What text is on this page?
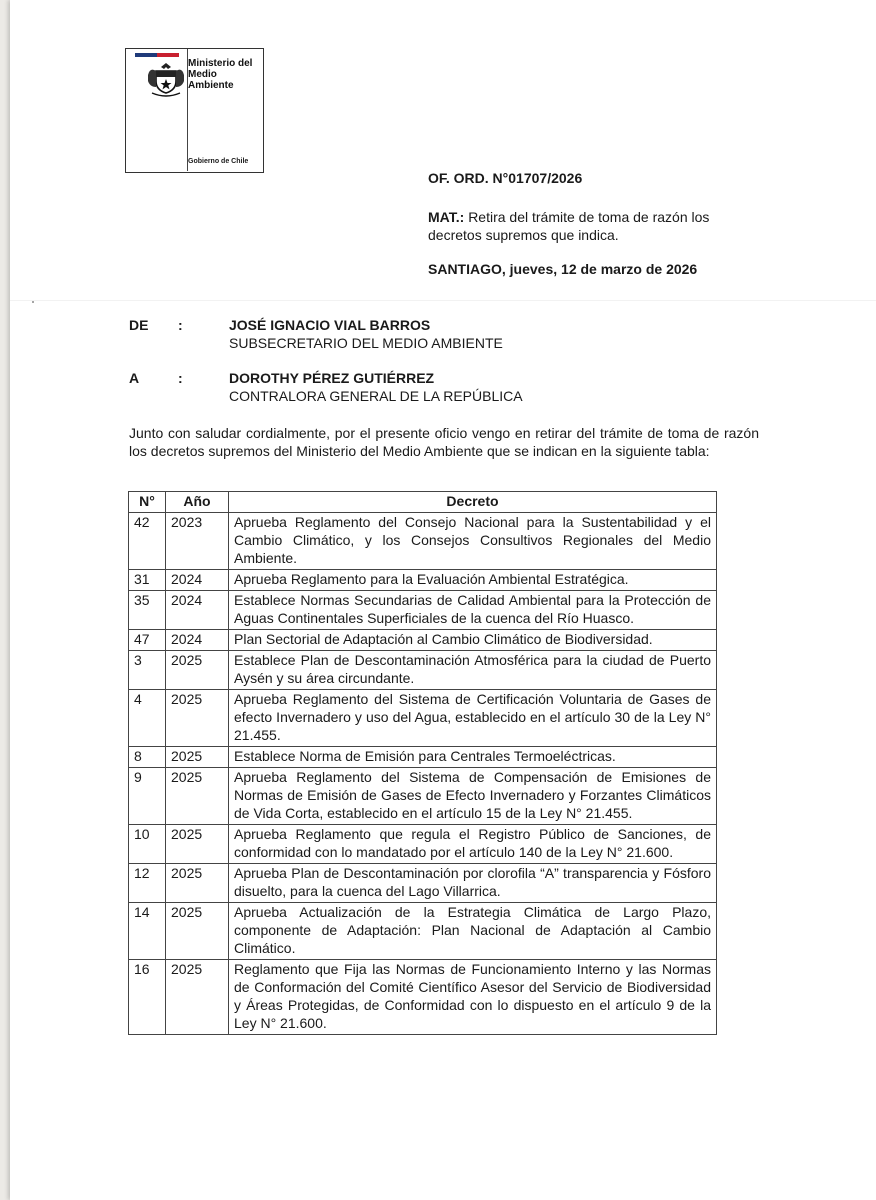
Ministerio del
Medio
Ambiente
Gobierno de Chile
OF. ORD. N°01707/2026
MAT.: Retira del trámite de toma de razón los decretos supremos que indica.
SANTIAGO, jueves, 12 de marzo de 2026
DE :	JOSÉ IGNACIO VIAL BARROS
SUBSECRETARIO DEL MEDIO AMBIENTE
A	:	DOROTHY PÉREZ GUTIÉRREZ
CONTRALORA GENERAL DE LA REPÚBLICA
Junto con saludar cordialmente, por el presente oficio vengo en retirar del trámite de toma de razón los decretos supremos del Ministerio del Medio Ambiente que se indican en la siguiente tabla:
N°	Año	Decreto
42	2023	Aprueba Reglamento del Consejo Nacional para la Sustentabilidad y el Cambio Climático, y los Consejos Consultivos Regionales del Medio Ambiente.
31	2024	Aprueba Reglamento para la Evaluación Ambiental Estratégica.
35	2024	Establece Normas Secundarias de Calidad Ambiental para la Protección de Aguas Continentales Superficiales de la cuenca del Río Huasco.
47	2024	Plan Sectorial de Adaptación al Cambio Climático de Biodiversidad.
3	2025	Establece Plan de Descontaminación Atmosférica para la ciudad de Puerto Aysén y su área circundante.
4	2025	Aprueba Reglamento del Sistema de Certificación Voluntaria de Gases de efecto Invernadero y uso del Agua, establecido en el artículo 30 de la Ley N° 21.455.
8	2025	Establece Norma de Emisión para Centrales Termoeléctricas.
9	2025	Aprueba Reglamento del Sistema de Compensación de Emisiones de Normas de Emisión de Gases de Efecto Invernadero y Forzantes Climáticos de Vida Corta, establecido en el artículo 15 de la Ley N° 21.455.
10	2025	Aprueba Reglamento que regula el Registro Público de Sanciones, de conformidad con lo mandatado por el artículo 140 de la Ley N° 21.600.
12	2025	Aprueba Plan de Descontaminación por clorofila “A” transparencia y Fósforo disuelto, para la cuenca del Lago Villarrica.
14	2025	Aprueba Actualización de la Estrategia Climática de Largo Plazo, componente de Adaptación: Plan Nacional de Adaptación al Cambio Climático.
16	2025	Reglamento que Fija las Normas de Funcionamiento Interno y las Normas de Conformación del Comité Científico Asesor del Servicio de Biodiversidad y Áreas Protegidas, de Conformidad con lo dispuesto en el artículo 9 de la Ley N° 21.600.
